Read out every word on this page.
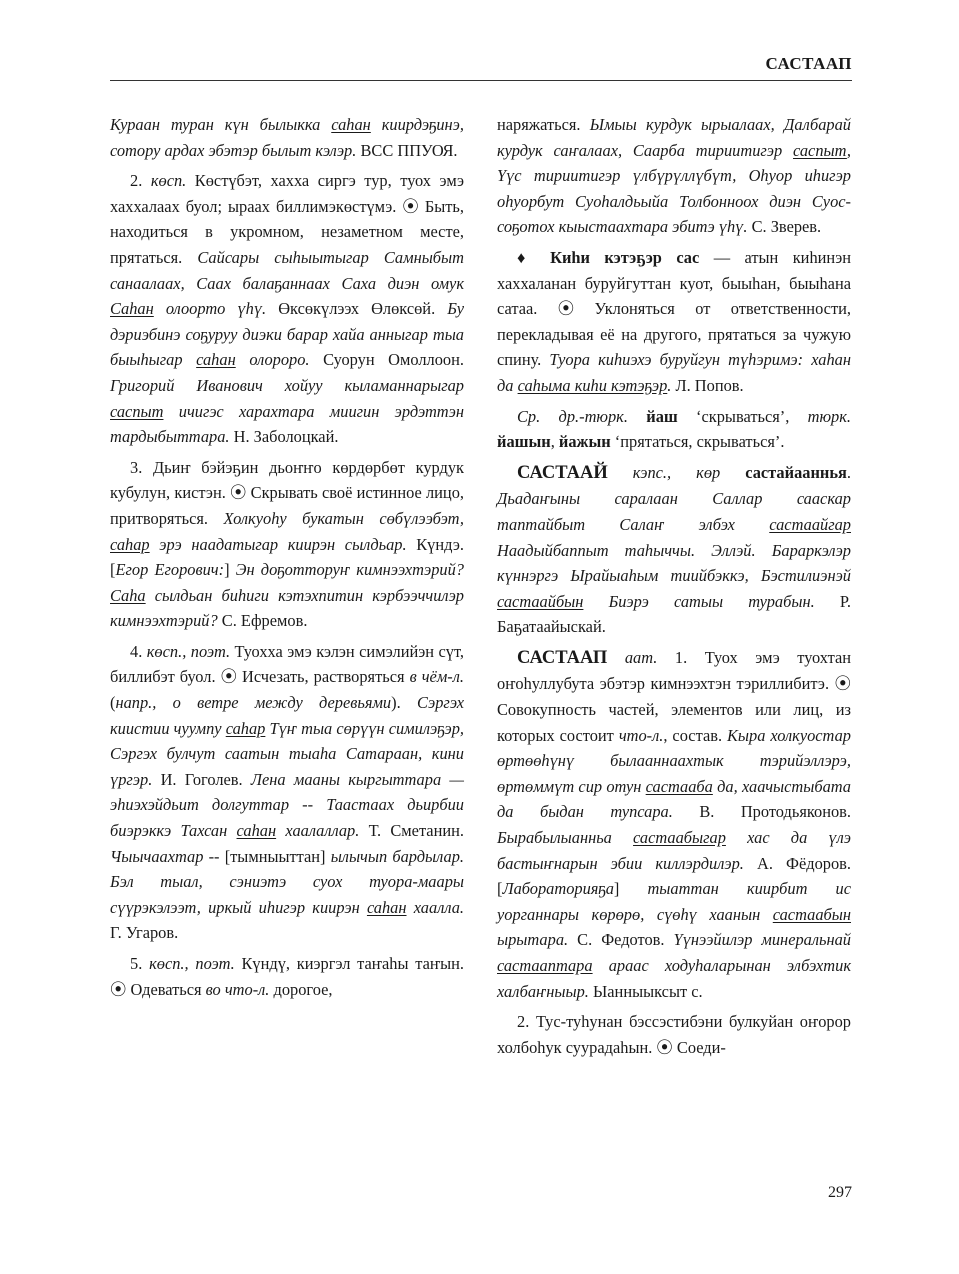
САСТААП

Кураан туран күн былыкка саһан киирдэҕинэ, сотору ардах эбэтэр былыт кэлэр. ВСС ППУОЯ.

2. көсп. Көстүбэт, хахха сиргэ тур, туох эмэ хаххалаах буол; ыраах биллимэкөстүмэ. ⦿ Быть, находиться в укромном, незаметном месте, прятаться. Сайсары сыһыытыгар Самныбыт санаалаах, Саах балаҕаннаах Саха диэн омук Саһан олоорто үһү. Өксөкүлээх Өлөксөй. Бу дэриэбинэ соҕуруу диэки барар хайа анныгар тыа быыһыгар саһан олороро. Суорун Омоллоон. Григорий Иванович хойуу кыламаннарыгар саспыт ичигэс харахтара миигин эрдэттэн тардыбыттара. Н. Заболоцкай.

3. Дьиҥ бэйэҕин дьоҥҥо көрдөрбөт курдук кубулун, кистэн. ⦿ Скрывать своё истинное лицо, притворяться. Холкуоһу букатын сөбүлээбэт, саһар эрэ наадатыгар киирэн сылдьар. Күндэ. [Егор Егорович:] Эн доҕотторуҥ кимнээхтэрий? Саһа сылдьан биһиги кэтэхпитин кэрбээччилэр кимнээхтэрий? С. Ефремов.

4. көсп., поэт. Туохха эмэ кэлэн симэлийэн сүт, биллибэт буол. ⦿ Исчезать, растворяться в чём-л. (напр., о ветре между деревьями). Сэргэх киистии чуумпу саһар Түҥ тыа сөрүүн симилэҕэр, Сэргэх булчут саатын тыаһа Сатараан, кини үргэр. И. Гоголев. Лена мааны кыргыттара — эһиэхэйдьит долгуттар -- Таастаах дьирбии биэрэккэ Тахсан саһан хаалаллар. Т. Сметанин. Чыычаахтар -- [тымныыттан] ылычып бардылар. Бэл тыал, сэниэтэ суох туора-маары сүүрэкэлээт, иркый иһигэр киирэн саһан хаалла. Г. Угаров.

5. көсп., поэт. Күндү, киэргэл таҥаһы таҥын. ⦿ Одеваться во что-л. дорогое,

наряжаться. Ымыы курдук ырыалаах, Далбарай курдук саҥалаах, Саарба тириитигэр саспыт, Үүс тириитигэр үлбүрүллүбүт, Оһуор иһигэр оһуорбут Суоһалдьыйа Толбонноох диэн Суос-соҕотох кыыстаахтара эбитэ үһү. С. Зверев.

♦ Киһи кэтэҕэр сас — атын киһинэн хаххаланан буруйгуттан куот, быыһан, быыһана сатаа. ⦿ Уклоняться от ответственности, перекладывая её на другого, прятаться за чужую спину. Туора киһиэхэ буруйгун түһэримэ: хаһан да саһыма киһи кэтэҕэр. Л. Попов.

Ср. др.-тюрк. йаш ‘скрываться’, тюрк. йашын, йажын ‘прятаться, скрываться’.

САСТААЙ кэпс., көр састайааннья. Дьадаҥыны саралаан Саллар сааскар таптайбыт Салаҥ элбэх састаайгар Наадыйбаппыт таһыччы. Эллэй. Бараркэлэр күннэргэ Ырайыаһым тиийбэккэ, Бэстилиэнэй састаайбын Биэрэ сатыы турабын. Р. Баҕатаайыскай.

САСТААП аат. 1. Туох эмэ туохтан оҥоһуллубута эбэтэр кимнээхтэн тэриллибитэ. ⦿ Совокупность частей, элементов или лиц, из которых состоит что-л., состав. Кыра холкуостар өртөөһүнү былааннаахтык тэрийэллэрэ, өртөммүт сир отун састааба да, хаачыстыбата да быдан тупсара. В. Протодьяконов. Бырабылыанньа састаабыгар хас да үлэ бастыҥнарын эбии киллэрдилэр. А. Фёдоров. [Лабораторияҕа] тыаттан киирбит ис уорганнары көрөрө, сүөһү хаанын састаабын ырытара. С. Федотов. Үүнээйилэр минеральнай састааптара араас ходуһаларынан элбэхтик халбаҥныыр. Ыанныыксыт с.

2. Тус-туһунан бэссэстибэни булкуйан оҥорор холбоһук суурадаһын. ⦿ Соеди-

297
